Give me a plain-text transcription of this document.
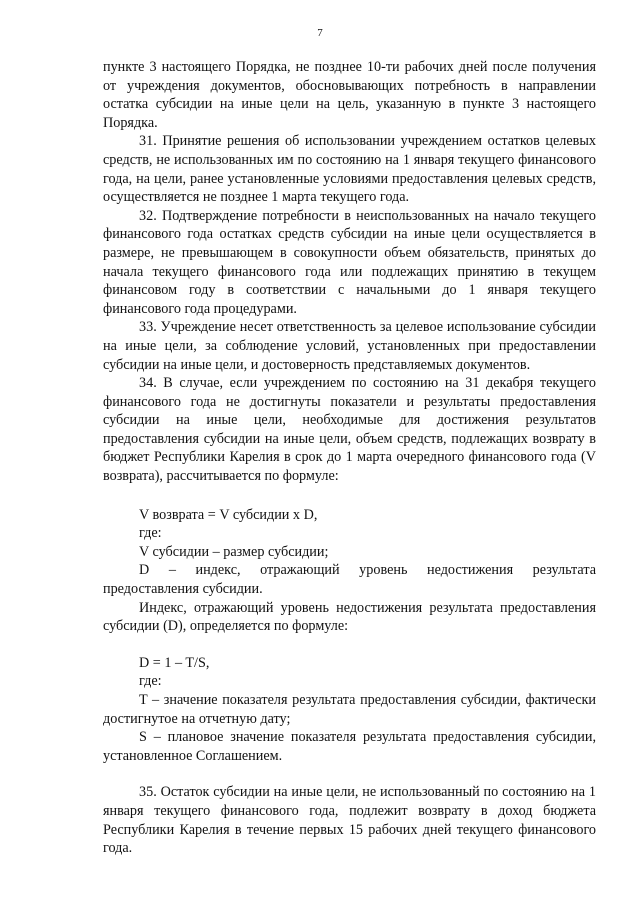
7

пункте 3 настоящего Порядка, не позднее 10-ти рабочих дней после получения от учреждения документов, обосновывающих потребность в направлении остатка субсидии на иные цели на цель, указанную в пункте 3 настоящего Порядка.

31. Принятие решения об использовании учреждением остатков целевых средств, не использованных им по состоянию на 1 января текущего финансового года, на цели, ранее установленные условиями предоставления целевых средств, осуществляется не позднее 1 марта текущего года.

32. Подтверждение потребности в неиспользованных на начало текущего финансового года остатках средств субсидии на иные цели осуществляется в размере, не превышающем в совокупности объем обязательств, принятых до начала текущего финансового года или подлежащих принятию в текущем финансовом году в соответствии с начальными до 1 января текущего финансового года процедурами.

33. Учреждение несет ответственность за целевое использование субсидии на иные цели, за соблюдение условий, установленных при предоставлении субсидии на иные цели, и достоверность представляемых документов.

34. В случае, если учреждением по состоянию на 31 декабря текущего финансового года не достигнуты показатели и результаты предоставления субсидии на иные цели, необходимые для достижения результатов предоставления субсидии на иные цели, объем средств, подлежащих возврату в бюджет Республики Карелия в срок до 1 марта очередного финансового года (V возврата), рассчитывается по формуле:

V возврата = V субсидии x D,

где:

V субсидии – размер субсидии;

D – индекс, отражающий уровень недостижения результата предоставления субсидии.

Индекс, отражающий уровень недостижения результата предоставления субсидии (D), определяется по формуле:

D = 1 – T/S,

где:

T – значение показателя результата предоставления субсидии, фактически достигнутое на отчетную дату;

S – плановое значение показателя результата предоставления субсидии, установленное Соглашением.

35. Остаток субсидии на иные цели, не использованный по состоянию на 1 января текущего финансового года, подлежит возврату в доход бюджета Республики Карелия в течение первых 15 рабочих дней текущего финансового года.
